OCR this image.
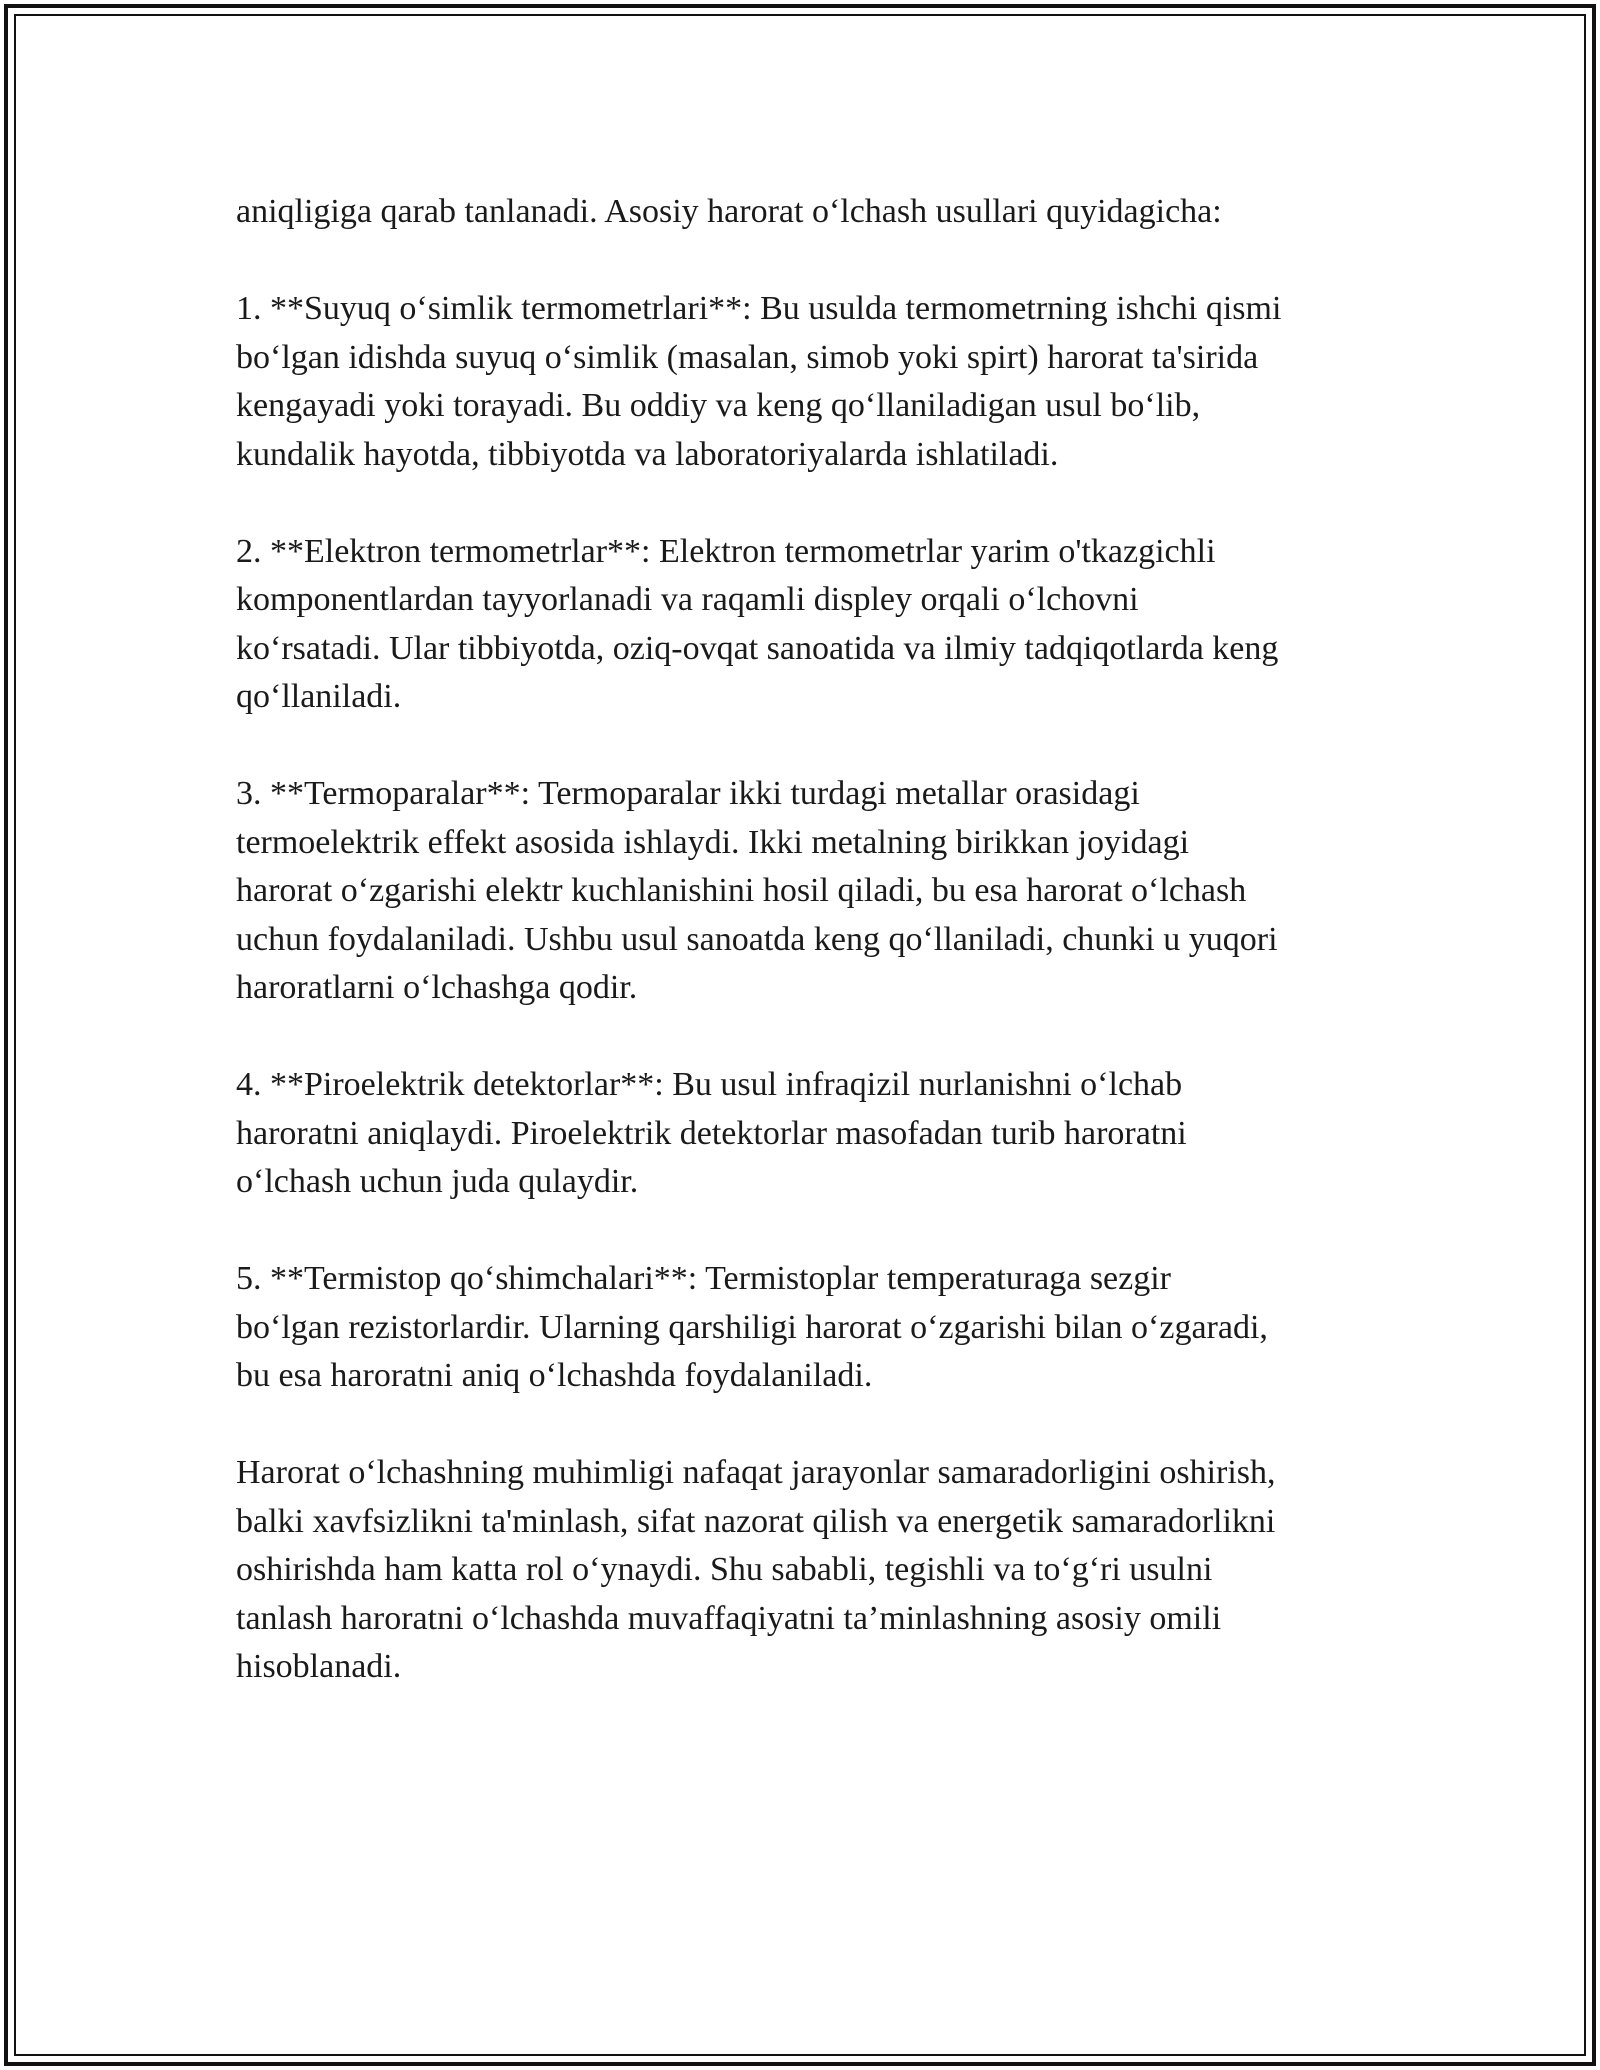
aniqligiga qarab tanlanadi. Asosiy harorat o‘lchash usullari quyidagicha:

1. **Suyuq o‘simlik termometrlari**: Bu usulda termometrning ishchi qismi
bo‘lgan idishda suyuq o‘simlik (masalan, simob yoki spirt) harorat ta'sirida
kengayadi yoki torayadi. Bu oddiy va keng qo‘llaniladigan usul bo‘lib,
kundalik hayotda, tibbiyotda va laboratoriyalarda ishlatiladi.

2. **Elektron termometrlar**: Elektron termometrlar yarim o'tkazgichli
komponentlardan tayyorlanadi va raqamli displey orqali o‘lchovni
ko‘rsatadi. Ular tibbiyotda, oziq-ovqat sanoatida va ilmiy tadqiqotlarda keng
qo‘llaniladi.

3. **Termoparalar**: Termoparalar ikki turdagi metallar orasidagi
termoelektrik effekt asosida ishlaydi. Ikki metalning birikkan joyidagi
harorat o‘zgarishi elektr kuchlanishini hosil qiladi, bu esa harorat o‘lchash
uchun foydalaniladi. Ushbu usul sanoatda keng qo‘llaniladi, chunki u yuqori
haroratlarni o‘lchashga qodir.

4. **Piroelektrik detektorlar**: Bu usul infraqizil nurlanishni o‘lchab
haroratni aniqlaydi. Piroelektrik detektorlar masofadan turib haroratni
o‘lchash uchun juda qulaydir.

5. **Termistop qo‘shimchalari**: Termistoplar temperaturaga sezgir
bo‘lgan rezistorlardir. Ularning qarshiligi harorat o‘zgarishi bilan o‘zgaradi,
bu esa haroratni aniq o‘lchashda foydalaniladi.

Harorat o‘lchashning muhimligi nafaqat jarayonlar samaradorligini oshirish,
balki xavfsizlikni ta'minlash, sifat nazorat qilish va energetik samaradorlikni
oshirishda ham katta rol o‘ynaydi. Shu sababli, tegishli va to‘g‘ri usulni
tanlash haroratni o‘lchashda muvaffaqiyatni ta’minlashning asosiy omili
hisoblanadi.
